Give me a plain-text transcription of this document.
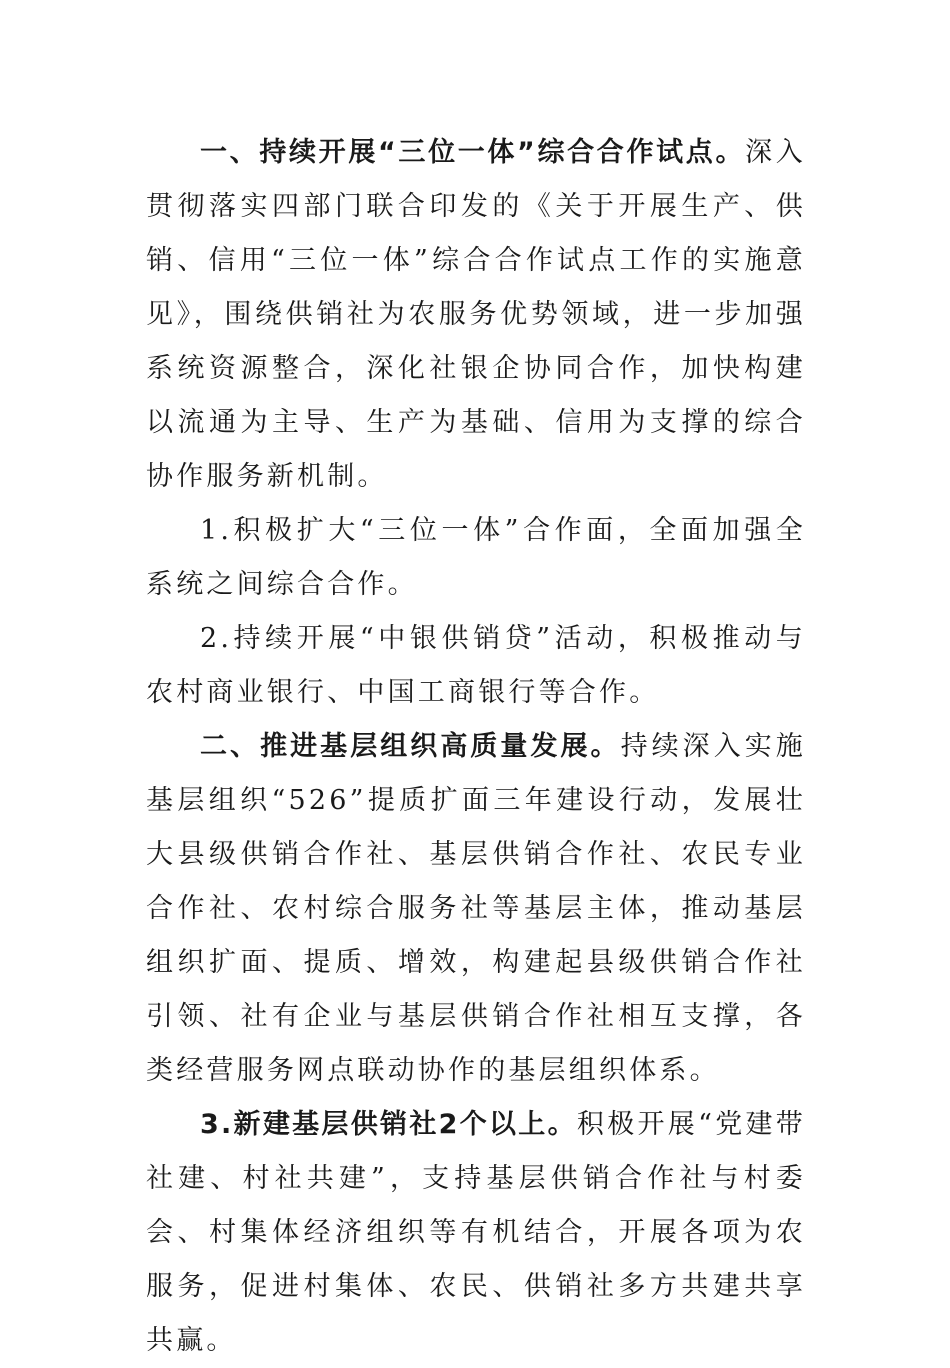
一、持续开展“三位一体”综合合作试点。深入贯彻落实四部门联合印发的《关于开展生产、供销、信用“三位一体”综合合作试点工作的实施意见》，围绕供销社为农服务优势领域，进一步加强系统资源整合，深化社银企协同合作，加快构建以流通为主导、生产为基础、信用为支撑的综合协作服务新机制。

1.积极扩大“三位一体”合作面，全面加强全系统之间综合合作。

2.持续开展“中银供销贷”活动，积极推动与农村商业银行、中国工商银行等合作。

二、推进基层组织高质量发展。持续深入实施基层组织“526”提质扩面三年建设行动，发展壮大县级供销合作社、基层供销合作社、农民专业合作社、农村综合服务社等基层主体，推动基层组织扩面、提质、增效，构建起县级供销合作社引领、社有企业与基层供销合作社相互支撑，各类经营服务网点联动协作的基层组织体系。

3.新建基层供销社2个以上。积极开展“党建带社建、村社共建”，支持基层供销合作社与村委会、村集体经济组织等有机结合，开展各项为农服务，促进村集体、农民、供销社多方共建共享共赢。
